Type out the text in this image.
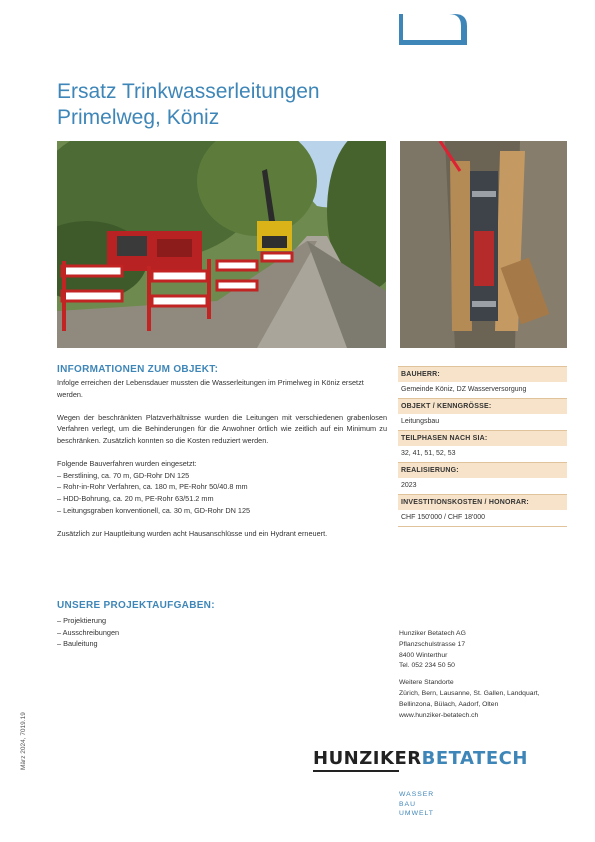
Ersatz Trinkwasserleitungen
Primelweg, Köniz
INFORMATIONEN ZUM OBJEKT:

Infolge erreichen der Lebensdauer mussten die Wasserleitungen im Primelweg in Köniz ersetzt werden.

Wegen der beschränkten Platzverhältnisse wurden die Leitungen mit verschiedenen grabenlosen Verfahren verlegt, um die Behinderungen für die Anwohner örtlich wie zeitlich auf ein Minimum zu beschränken. Zusätzlich konnten so die Kosten reduziert werden.

Folgende Bauverfahren wurden eingesetzt:
– Berstlining, ca. 70 m, GD-Rohr DN 125
– Rohr-in-Rohr Verfahren, ca. 180 m, PE-Rohr 50/40.8 mm
– HDD-Bohrung, ca. 20 m, PE-Rohr 63/51.2 mm
– Leitungsgraben konventionell, ca. 30 m, GD-Rohr DN 125

Zusätzlich zur Hauptleitung wurden acht Hausanschlüsse und ein Hydrant erneuert.

UNSERE PROJEKTAUFGABEN:
– Projektierung
– Ausschreibungen
– Bauleitung
BAUHERR:
Gemeinde Köniz, DZ Wasserversorgung
OBJEKT / KENNGRÖSSE:
Leitungsbau
TEILPHASEN NACH SIA:
32, 41, 51, 52, 53
REALISIERUNG:
2023
INVESTITIONSKOSTEN / HONORAR:
CHF 150'000 / CHF 18'000
Hunziker Betatech AG
Pflanzschulstrasse 17
8400 Winterthur
Tel. 052 234 50 50
Weitere Standorte
Zürich, Bern, Lausanne, St. Gallen, Landquart,
Bellinzona, Bülach, Aadorf, Olten
www.hunziker-betatech.ch
HUNZIKERBETATECH
WASSER
BAU
UMWELT
März 2024, 7019.19
